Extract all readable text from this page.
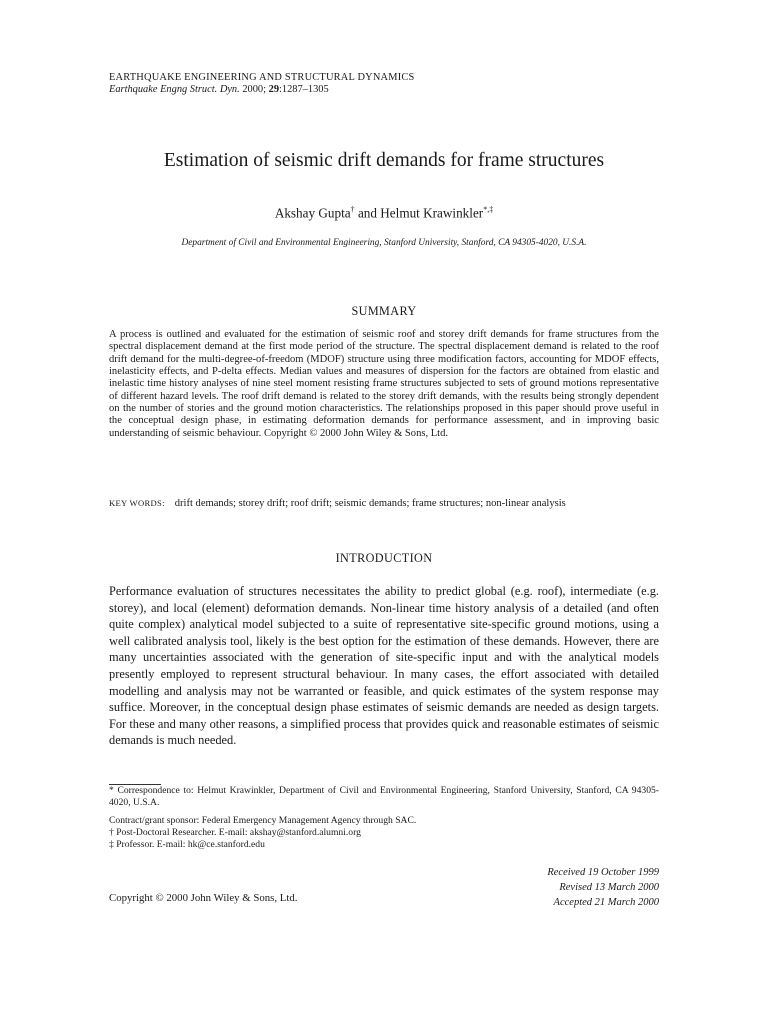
EARTHQUAKE ENGINEERING AND STRUCTURAL DYNAMICS
Earthquake Engng Struct. Dyn. 2000; 29:1287–1305
Estimation of seismic drift demands for frame structures
Akshay Gupta† and Helmut Krawinkler*,‡
Department of Civil and Environmental Engineering, Stanford University, Stanford, CA 94305-4020, U.S.A.
SUMMARY

A process is outlined and evaluated for the estimation of seismic roof and storey drift demands for frame structures from the spectral displacement demand at the first mode period of the structure. The spectral displacement demand is related to the roof drift demand for the multi-degree-of-freedom (MDOF) structure using three modification factors, accounting for MDOF effects, inelasticity effects, and P-delta effects. Median values and measures of dispersion for the factors are obtained from elastic and inelastic time history analyses of nine steel moment resisting frame structures subjected to sets of ground motions representative of different hazard levels. The roof drift demand is related to the storey drift demands, with the results being strongly dependent on the number of stories and the ground motion characteristics. The relationships proposed in this paper should prove useful in the conceptual design phase, in estimating deformation demands for performance assessment, and in improving basic understanding of seismic behaviour. Copyright © 2000 John Wiley & Sons, Ltd.

KEY WORDS: drift demands; storey drift; roof drift; seismic demands; frame structures; non-linear analysis
INTRODUCTION

Performance evaluation of structures necessitates the ability to predict global (e.g. roof), intermediate (e.g. storey), and local (element) deformation demands. Non-linear time history analysis of a detailed (and often quite complex) analytical model subjected to a suite of representative site-specific ground motions, using a well calibrated analysis tool, likely is the best option for the estimation of these demands. However, there are many uncertainties associated with the generation of site-specific input and with the analytical models presently employed to represent structural behaviour. In many cases, the effort associated with detailed modelling and analysis may not be warranted or feasible, and quick estimates of the system response may suffice. Moreover, in the conceptual design phase estimates of seismic demands are needed as design targets. For these and many other reasons, a simplified process that provides quick and reasonable estimates of seismic demands is much needed.

* Correspondence to: Helmut Krawinkler, Department of Civil and Environmental Engineering, Stanford University, Stanford, CA 94305-4020, U.S.A.

Contract/grant sponsor: Federal Emergency Management Agency through SAC.

† Post-Doctoral Researcher. E-mail: akshay@stanford.alumni.org

‡ Professor. E-mail: hk@ce.stanford.edu

Received 19 October 1999
Revised 13 March 2000
Accepted 21 March 2000
Copyright © 2000 John Wiley & Sons, Ltd.
